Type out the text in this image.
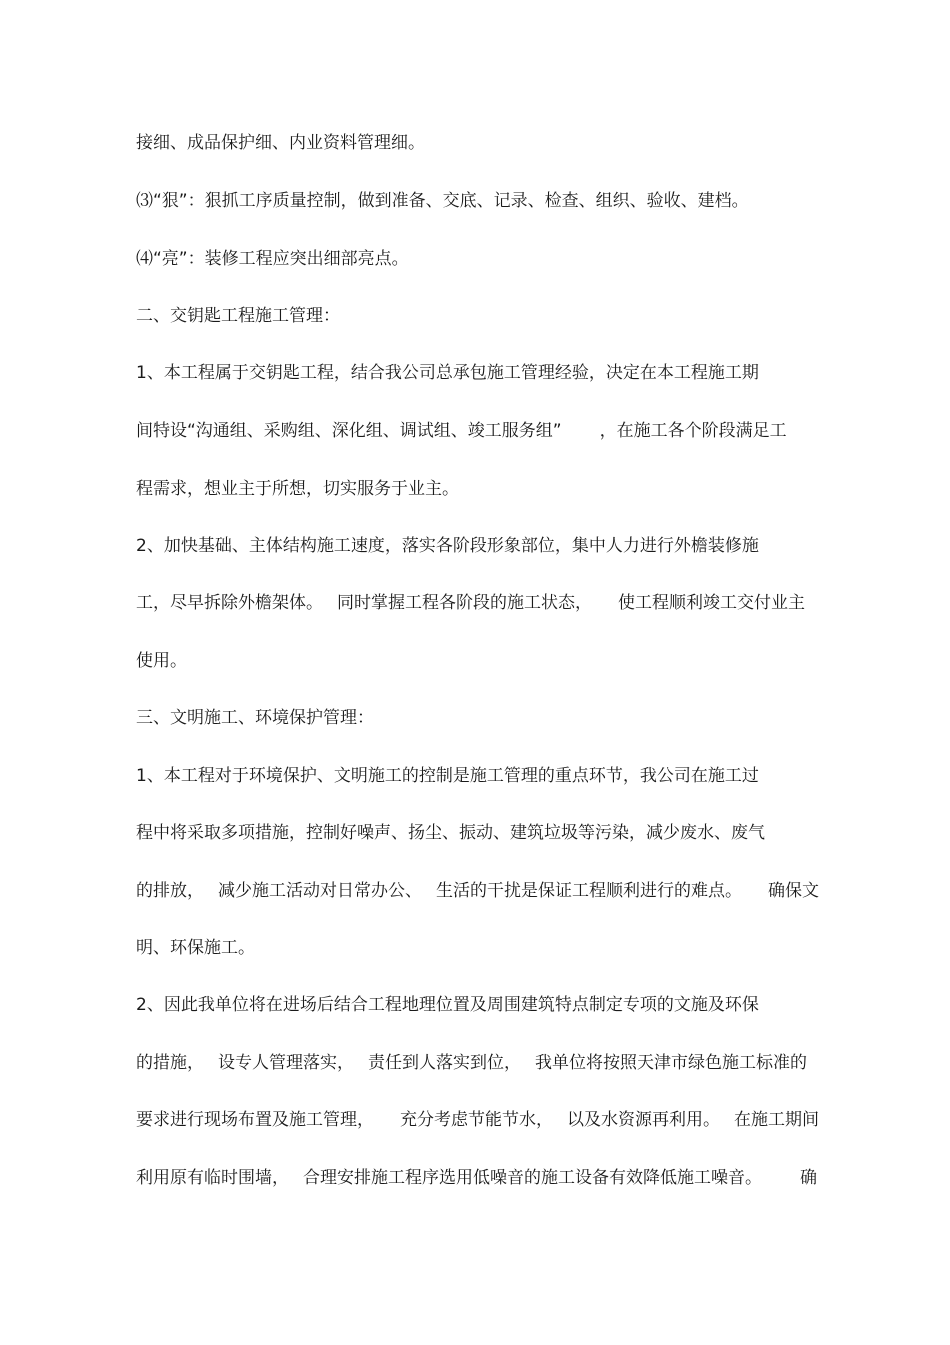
接细、成品保护细、内业资料管理细。
⑶“狠”：狠抓工序质量控制，做到准备、交底、记录、检查、组织、验收、建档。
⑷“亮”：装修工程应突出细部亮点。
二、交钥匙工程施工管理：
1、本工程属于交钥匙工程，结合我公司总承包施工管理经验，决定在本工程施工期
间特设“沟通组、采购组、深化组、调试组、竣工服务组” ，在施工各个阶段满足工
程需求，想业主于所想，切实服务于业主。
2、加快基础、主体结构施工速度，落实各阶段形象部位，集中人力进行外檐装修施
工，尽早拆除外檐架体。 同时掌握工程各阶段的施工状态， 使工程顺利竣工交付业主
使用。
三、文明施工、环境保护管理：
1、本工程对于环境保护、文明施工的控制是施工管理的重点环节，我公司在施工过
程中将采取多项措施，控制好噪声、扬尘、振动、建筑垃圾等污染，减少废水、废气
的排放， 减少施工活动对日常办公、 生活的干扰是保证工程顺利进行的难点。 确保文
明、环保施工。
2、因此我单位将在进场后结合工程地理位置及周围建筑特点制定专项的文施及环保
的措施， 设专人管理落实， 责任到人落实到位， 我单位将按照天津市绿色施工标准的
要求进行现场布置及施工管理， 充分考虑节能节水， 以及水资源再利用。 在施工期间
利用原有临时围墙， 合理安排施工程序选用低噪音的施工设备有效降低施工噪音。 确
